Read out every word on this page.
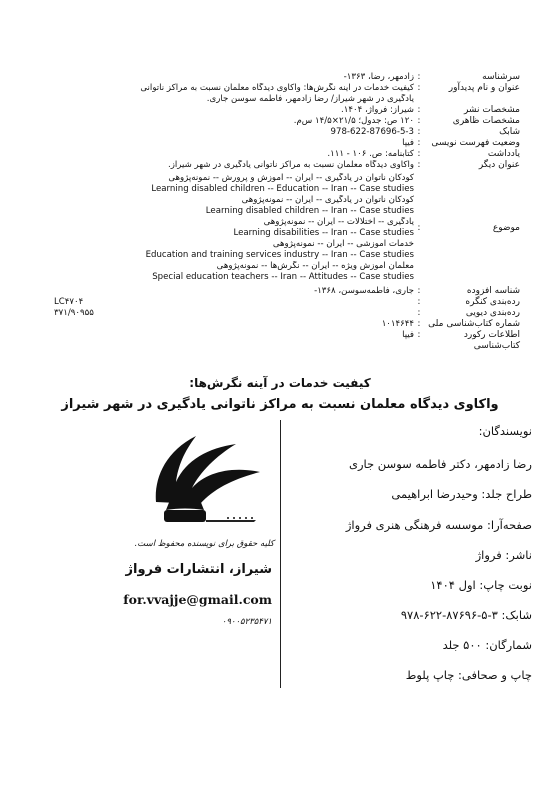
سرشناسه
:
زادمهر، رضا، ۱۳۶۳-
عنوان و نام پدیدآور
:
کیفیت خدمات در آینه نگرش‌ها: واکاوی دیدگاه معلمان نسبت به مراکز ناتوانی
یادگیری در شهر شیراز/ رضا زادمهر، فاطمه سوسن جاری.
مشخصات نشر
:
شیراز: فرواژ، ۱۴۰۴.
مشخصات ظاهری
:
۱۲۰ ص: جدول؛ ۲۱/۵×۱۴/۵ س‌م.
شابک
:
978-622-87696-5-3
وضعیت فهرست نویسی
:
فیپا
یادداشت
:
کتابنامه: ص. ۱۰۶ - ۱۱۱.
عنوان دیگر
:
واکاوی دیدگاه معلمان نسبت به مراکز ناتوانی یادگیری در شهر شیراز.
موضوع
:
کودکان ناتوان در یادگیری -- ایران -- آموزش و پرورش -- نمونه‌پژوهی
Learning disabled children -- Education -- Iran -- Case studies
کودکان ناتوان در یادگیری -- ایران -- نمونه‌پژوهی
Learning disabled children -- Iran -- Case studies
یادگیری -- اختلالات -- ایران -- نمونه‌پژوهی
Learning disabilities -- Iran -- Case studies
خدمات آموزشی -- ایران -- نمونه‌پژوهی
Education and training services industry -- Iran -- Case studies
معلمان آموزش ویژه -- ایران -- نگرش‌ها -- نمونه‌پژوهی
Special education teachers -- Iran -- Attitudes -- Case studies
شناسه افزوده
:
جاری، فاطمه‌سوسن، ۱۳۶۸-
رده‌بندی کنگره
:
LC۴۷۰۴
رده‌بندی دیویی
:
۳۷۱/۹۰۹۵۵
شماره کتاب‌شناسی ملی
:
۱۰۱۴۶۴۴
اطلاعات رکورد کتاب‌شناسی
:
فیپا
کیفیت خدمات در آینه نگرش‌ها:
واکاوی دیدگاه معلمان نسبت به مراکز ناتوانی یادگیری در شهر شیراز
نویسندگان:
رضا زادمهر، دکتر فاطمه سوسن جاری
طراح جلد: وحیدرضا ابراهیمی
صفحه‌آرا: موسسه فرهنگی هنری فرواژ
ناشر: فرواژ
نوبت چاپ: اول ۱۴۰۴
شابک: ۳-۵-۸۷۶۹۶-۶۲۲-۹۷۸
شمارگان: ۵۰۰ جلد
چاپ و صحافی: چاپ پلوط
کلیه حقوق برای نویسنده محفوظ است.
شیراز، انتشارات فرواژ
for.vvajje@gmail.com
۰۹۰۰۵۲۳۵۴۷۱
